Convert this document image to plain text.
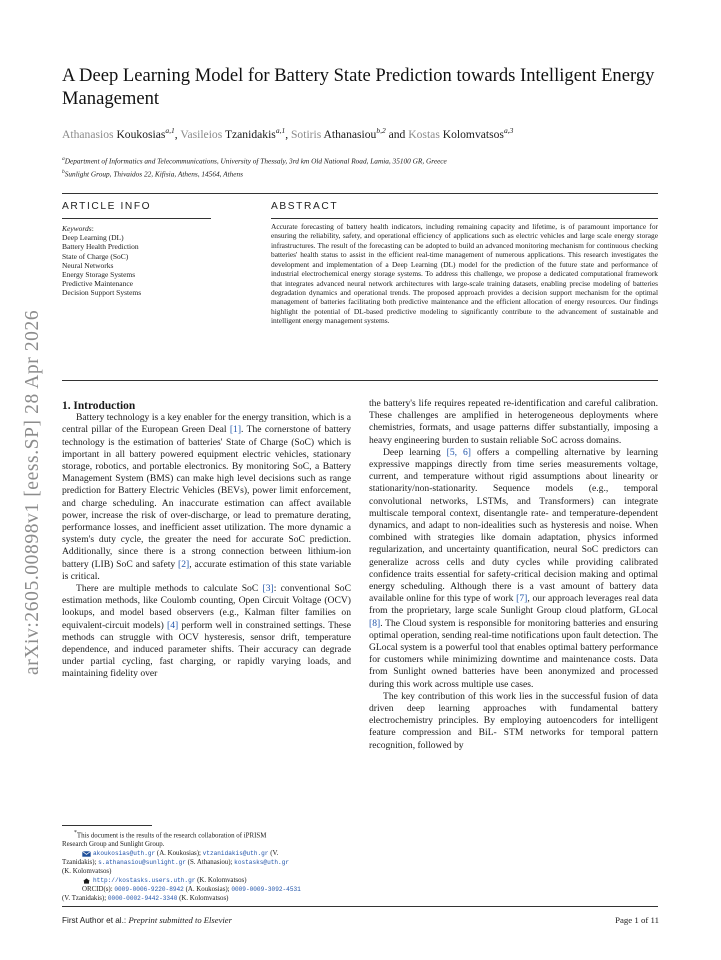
arXiv:2605.00898v1 [eess.SP] 28 Apr 2026
A Deep Learning Model for Battery State Prediction towards Intelligent Energy Management
Athanasios Koukosias$^{a,1}$, Vasileios Tzanidakis$^{a,1}$, Sotiris Athanasiou$^{b,2}$ and Kostas Kolomvatsos$^{a,3}$
$^a$Department of Informatics and Telecommunications, University of Thessaly, 3rd km Old National Road, Lamia, 35100 GR, Greece
$^b$Sunlight Group, Thivaidos 22, Kifisia, Athens, 14564, Athens
ARTICLE INFO	ABSTRACT
Keywords:
Deep Learning (DL)
Battery Health Prediction
State of Charge (SoC)
Neural Networks
Energy Storage Systems
Predictive Maintenance
Decision Support Systems
Accurate forecasting of battery health indicators, including remaining capacity and lifetime, is of paramount importance for ensuring the reliability, safety, and operational efficiency of applications such as electric vehicles and large scale energy storage infrastructures. The result of the forecasting can be adopted to build an advanced monitoring mechanism for continuous checking batteries' health status to assist in the efficient real-time management of numerous applications. This research investigates the development and implementation of a Deep Learning (DL) model for the prediction of the future state and performance of industrial electrochemical energy storage systems. To address this challenge, we propose a dedicated computational framework that integrates advanced neural network architectures with large-scale training datasets, enabling precise modeling of batteries degradation dynamics and operational trends. The proposed approach provides a decision support mechanism for the optimal management of batteries facilitating both predictive maintenance and the efficient allocation of energy resources. Our findings highlight the potential of DL-based predictive modeling to significantly contribute to the advancement of sustainable and intelligent energy management systems.

1. Introduction

Battery technology is a key enabler for the energy transition, which is a central pillar of the European Green Deal [1]. The cornerstone of battery technology is the estimation of batteries' State of Charge (SoC) which is important in all battery powered equipment electric vehicles, stationary storage, robotics, and portable electronics. By monitoring SoC, a Battery Management System (BMS) can make high level decisions such as range prediction for Battery Electric Vehicles (BEVs), power limit enforcement, and charge scheduling. An inaccurate estimation can affect available power, increase the risk of over-discharge, or lead to premature derating, performance losses, and inefficient asset utilization. The more dynamic a system's duty cycle, the greater the need for accurate SoC prediction. Additionally, since there is a strong connection between lithium-ion battery (LIB) SoC and safety [2], accurate estimation of this state variable is critical.

There are multiple methods to calculate SoC [3]: conventional SoC estimation methods, like Coulomb counting, Open Circuit Voltage (OCV) lookups, and model based observers (e.g., Kalman filter families on equivalent-circuit models) [4] perform well in constrained settings. These methods can struggle with OCV hysteresis, sensor drift, temperature dependence, and induced parameter shifts. Their accuracy can degrade under partial cycling, fast charging, or rapidly varying loads, and maintaining fidelity over

the battery's life requires repeated re-identification and careful calibration. These challenges are amplified in heterogeneous deployments where chemistries, formats, and usage patterns differ substantially, imposing a heavy engineering burden to sustain reliable SoC across domains.

Deep learning [5, 6] offers a compelling alternative by learning expressive mappings directly from time series measurements voltage, current, and temperature without rigid assumptions about linearity or stationarity/non-stationarity. Sequence models (e.g., temporal convolutional networks, LSTMs, and Transformers) can integrate multiscale temporal context, disentangle rate- and temperature-dependent dynamics, and adapt to non-idealities such as hysteresis and noise. When combined with strategies like domain adaptation, physics informed regularization, and uncertainty quantification, neural SoC predictors can generalize across cells and duty cycles while providing calibrated confidence traits essential for safety-critical decision making and optimal energy scheduling. Although there is a vast amount of battery data available online for this type of work [7], our approach leverages real data from the proprietary, large scale Sunlight Group cloud platform, GLocal [8]. The Cloud system is responsible for monitoring batteries and ensuring optimal operation, sending real-time notifications upon fault detection. The GLocal system is a powerful tool that enables optimal battery performance for customers while minimizing downtime and maintenance costs. Data from Sunlight owned batteries have been anonymized and processed during this work across multiple use cases.

The key contribution of this work lies in the successful fusion of data driven deep learning approaches with fundamental battery electrochemistry principles. By employing autoencoders for intelligent feature compression and BiL- STM networks for temporal pattern recognition, followed by

*This document is the results of the research collaboration of iPRISM
Research Group and Sunlight Group.
akoukosias@uth.gr (A. Koukosias); vtzanidakis@uth.gr (V.
Tzanidakis); s.athanasiou@sunlight.gr (S. Athanasiou); kostasks@uth.gr
(K. Kolomvatsos)
http://kostasks.users.uth.gr (K. Kolomvatsos)
ORCID(s): 0009-0006-9220-8942 (A. Koukosias); 0009-0009-3092-4531
(V. Tzanidakis); 0000-0002-9442-3340 (K. Kolomvatsos)
First Author et al.: Preprint submitted to Elsevier	Page 1 of 11
